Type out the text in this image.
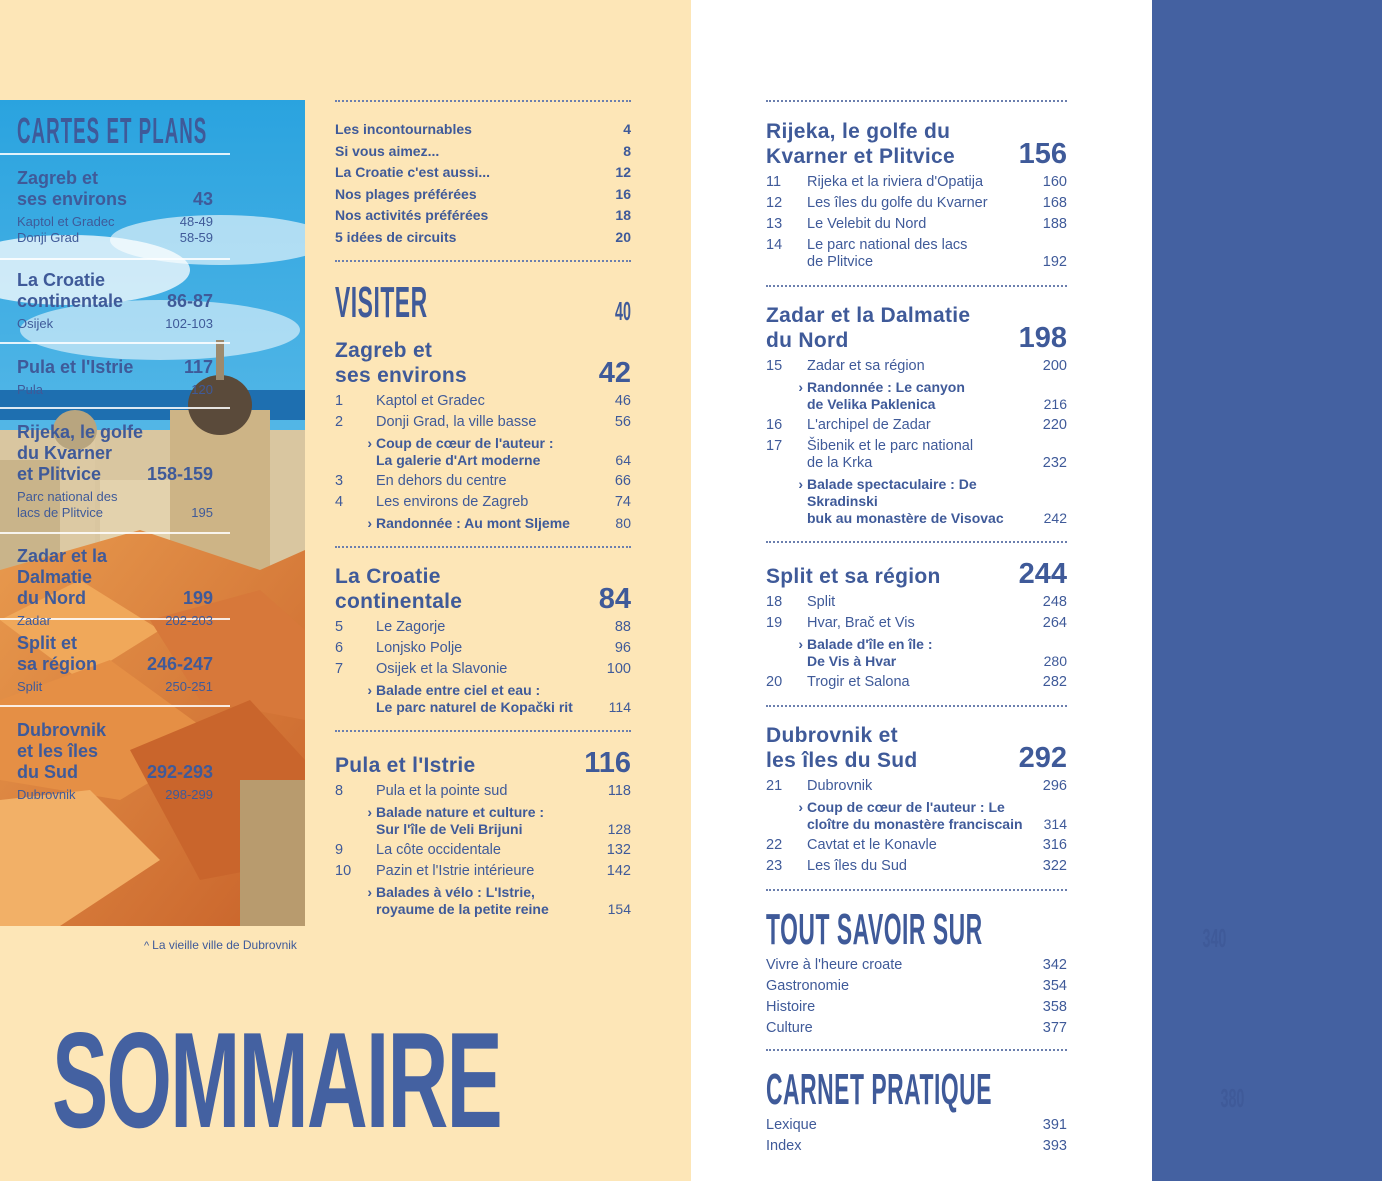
^ La vieille ville de Dubrovnik
SOMMAIRE
Les incontournables	4
Si vous aimez...	8
La Croatie c'est aussi...	12
Nos plages préférées	16
Nos activités préférées	18
5 idées de circuits	20
VISITER	40
Zagreb et
ses environs	42
1	Kaptol et Gradec	46
2	Donji Grad, la ville basse	56
› Coup de cœur de l'auteur :
La galerie d'Art moderne	64
3	En dehors du centre	66
4	Les environs de Zagreb	74
› Randonnée : Au mont Sljeme	80
La Croatie
continentale	84
5	Le Zagorje	88
6	Lonjsko Polje	96
7	Osijek et la Slavonie	100
› Balade entre ciel et eau :
Le parc naturel de Kopački rit	114
Pula et l'Istrie	116
8	Pula et la pointe sud	118
› Balade nature et culture :
Sur l'île de Veli Brijuni	128
9	La côte occidentale	132
10	Pazin et l'Istrie intérieure	142
› Balades à vélo : L'Istrie,
royaume de la petite reine	154
Rijeka, le golfe du
Kvarner et Plitvice 156
11	Rijeka et la riviera d'Opatija	160
12	Les îles du golfe du Kvarner	168
13	Le Velebit du Nord	188
14	Le parc national des lacs
de Plitvice	192
Zadar et la Dalmatie
du Nord	198
15	Zadar et sa région	200
› Randonnée : Le canyon
de Velika Paklenica	216
16	L'archipel de Zadar	220
17	Šibenik et le parc national
de la Krka	232
› Balade spectaculaire : De Skradinski
buk au monastère de Visovac	242
Split et sa région	244
18	Split	248
19	Hvar, Brač et Vis	264
› Balade d'île en île :
De Vis à Hvar	280
20	Trogir et Salona	282
Dubrovnik et
les îles du Sud	292
21	Dubrovnik	296
› Coup de cœur de l'auteur : Le
cloître du monastère franciscain	314
22	Cavtat et le Konavle	316
23	Les îles du Sud	322
TOUT SAVOIR SUR	340
Vivre à l'heure croate	342
Gastronomie	354
Histoire	358
Culture	377
CARNET PRATIQUE	380
Lexique	391
Index	393
CARTES ET PLANS
Zagreb et
ses environs	43
Kaptol et Gradec	48-49
Donji Grad	58-59
La Croatie
continentale 86-87
Osijek	102-103
Pula et l'Istrie	117
Pula	120
Rijeka, le golfe
du Kvarner
et Plitvice	158-159
Parc national des
lacs de Plitvice	195
Zadar et la Dalmatie
du Nord	199
Zadar	202-203
Split et
sa région	246-247
Split	250-251
Dubrovnik
et les îles
du Sud	292-293
Dubrovnik	298-299
